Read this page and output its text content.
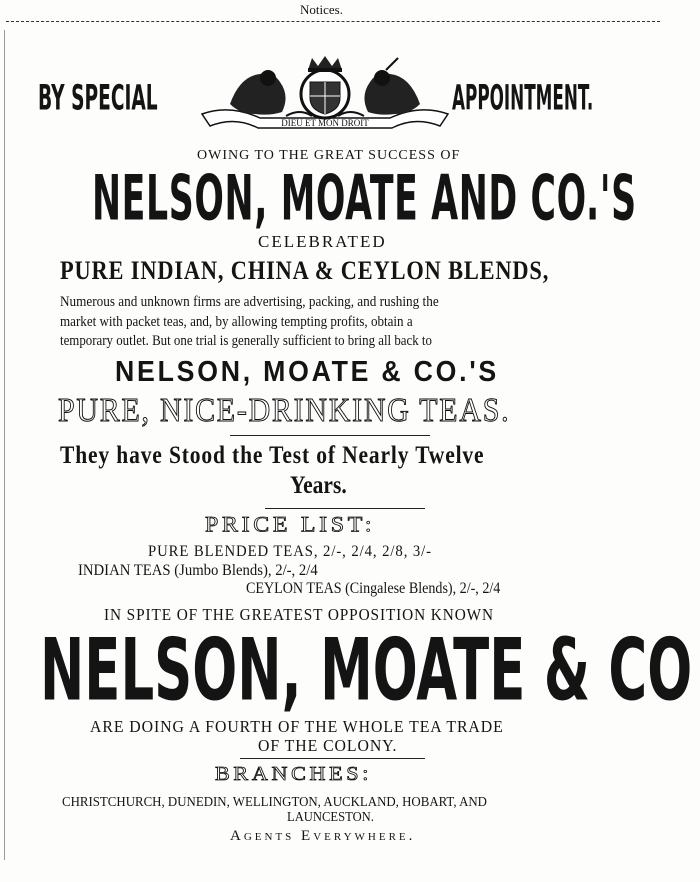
Notices.
BY SPECIAL	APPOINTMENT.
DIEU ET MON DROIT
OWING TO THE GREAT SUCCESS OF
NELSON, MOATE AND CO.'S
CELEBRATED
PURE INDIAN, CHINA & CEYLON BLENDS,
Numerous and unknown firms are advertising, packing, and rushing the
market with packet teas, and, by allowing tempting profits, obtain a
temporary outlet. But one trial is generally sufficient to bring all back to
NELSON, MOATE & CO.'S
PURE, NICE-DRINKING TEAS.
They have Stood the Test of Nearly Twelve
Years.
PRICE LIST:
PURE BLENDED TEAS, 2/-, 2/4, 2/8, 3/-
INDIAN TEAS (Jumbo Blends), 2/-, 2/4
CEYLON TEAS (Cingalese Blends), 2/-, 2/4
IN SPITE OF THE GREATEST OPPOSITION KNOWN
NELSON, MOATE & CO
ARE DOING A FOURTH OF THE WHOLE TEA TRADE
OF THE COLONY.
BRANCHES:
CHRISTCHURCH, DUNEDIN, WELLINGTON, AUCKLAND, HOBART, AND
LAUNCESTON.
Agents Everywhere.
